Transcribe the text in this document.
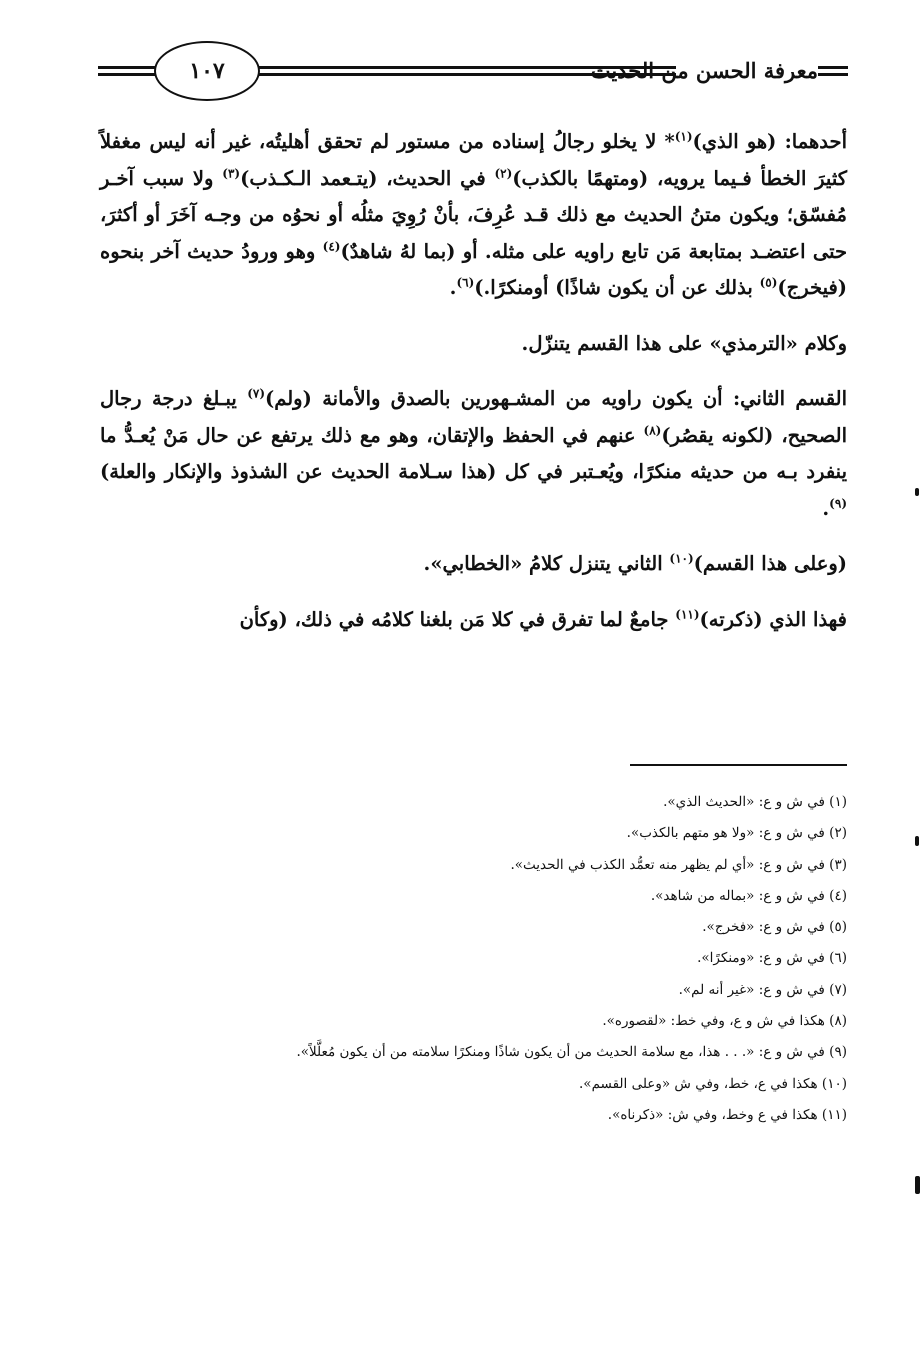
١٠٧	معرفة الحسن من الحديث

أحدهما: (هو الذي)$^{(١)}$* لا يخلو رجالُ إسناده من مستور لم تحقق أهليتُه، غير أنه ليس مغفلاً كثيرَ الخطأ فـيما يرويه، (ومتهمًا بالكذب)$^{(٢)}$ في الحديث، (يتـعمد الـكـذب)$^{(٣)}$ ولا سبب آخـر مُفسّق؛ ويكون متنُ الحديث مع ذلك قـد عُرِفَ، بأنْ رُوِيَ مثلُه أو نحوُه من وجـه آخَرَ أو أكثرَ، حتى اعتضـد بمتابعة مَن تابع راويه على مثله. أو (بما لهُ شاهدٌ)$^{(٤)}$ وهو ورودُ حديث آخر بنحوه (فيخرج)$^{(٥)}$ بذلك عن أن يكون شاذًا) أومنكرًا.)$^{(٦)}$.

وكلام «الترمذي» على هذا القسم يتنزّل.

القسم الثاني: أن يكون راويه من المشـهورين بالصدق والأمانة (ولم)$^{(٧)}$ يبـلغ درجة رجال الصحيح، (لكونه يقصُر)$^{(٨)}$ عنهم في الحفظ والإتقان، وهو مع ذلك يرتفع عن حال مَنْ يُعـدُّ ما ينفرد بـه من حديثه منكرًا، ويُعـتبر في كل (هذا سـلامة الحديث عن الشذوذ والإنكار والعلة)$^{(٩)}$.

(وعلى هذا القسم)$^{(١٠)}$ الثاني يتنزل كلامُ «الخطابي».

فهذا الذي (ذكرته)$^{(١١)}$ جامعٌ لما تفرق في كلا مَن بلغنا كلامُه في ذلك، (وكأن

(١) في ش و ع: «الحديث الذي».
(٢) في ش و ع: «ولا هو متهم بالكذب».
(٣) في ش و ع: «أي لم يظهر منه تعمُّد الكذب في الحديث».
(٤) في ش و ع: «بماله من شاهد».
(٥) في ش و ع: «فخرج».
(٦) في ش و ع: «ومنكرًا».
(٧) في ش و ع: «غير أنه لم».
(٨) هكذا في ش و ع، وفي خط: «لقصوره».
(٩) في ش و ع: «. . . هذا، مع سلامة الحديث من أن يكون شاذًا ومنكرًا سلامته من أن يكون مُعلَّلاً».
(١٠) هكذا في ع، خط، وفي ش «وعلى القسم».
(١١) هكذا في ع وخط، وفي ش: «ذكرناه».
